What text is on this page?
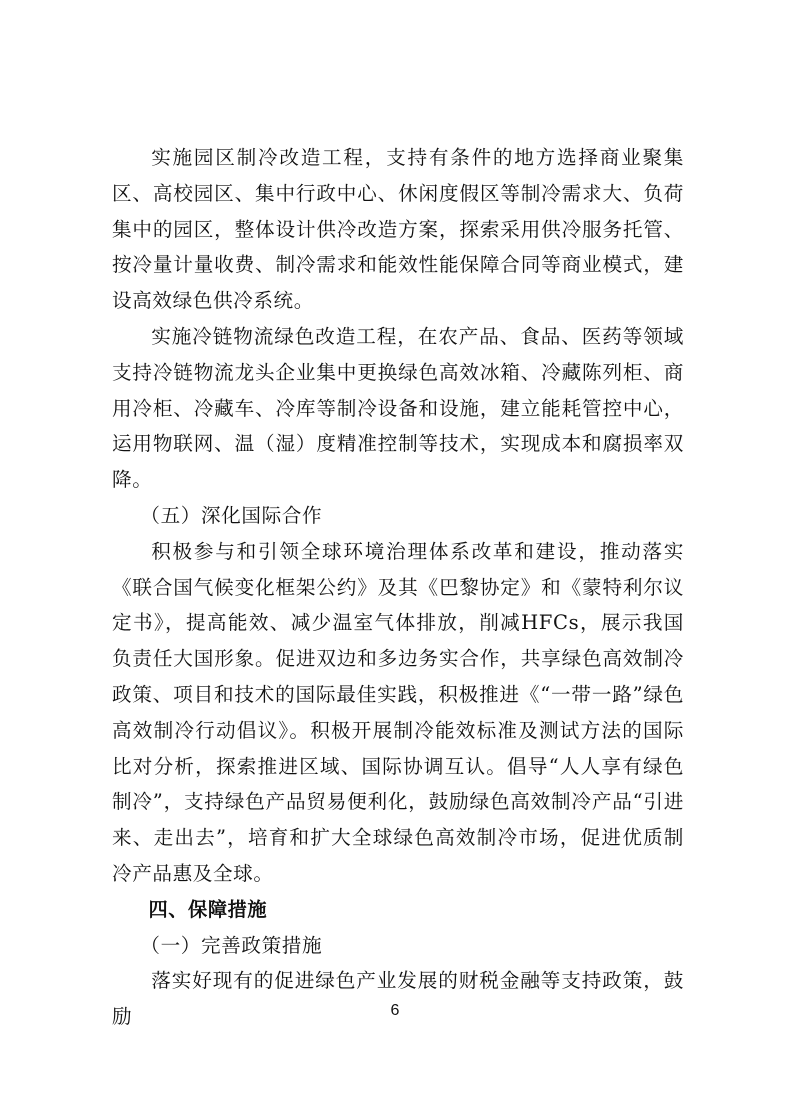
实施园区制冷改造工程，支持有条件的地方选择商业聚集区、高校园区、集中行政中心、休闲度假区等制冷需求大、负荷集中的园区，整体设计供冷改造方案，探索采用供冷服务托管、按冷量计量收费、制冷需求和能效性能保障合同等商业模式，建设高效绿色供冷系统。

实施冷链物流绿色改造工程，在农产品、食品、医药等领域支持冷链物流龙头企业集中更换绿色高效冰箱、冷藏陈列柜、商用冷柜、冷藏车、冷库等制冷设备和设施，建立能耗管控中心，运用物联网、温（湿）度精准控制等技术，实现成本和腐损率双降。

（五）深化国际合作

积极参与和引领全球环境治理体系改革和建设，推动落实《联合国气候变化框架公约》及其《巴黎协定》和《蒙特利尔议定书》，提高能效、减少温室气体排放，削减HFCs，展示我国负责任大国形象。促进双边和多边务实合作，共享绿色高效制冷政策、项目和技术的国际最佳实践，积极推进《“一带一路”绿色高效制冷行动倡议》。积极开展制冷能效标准及测试方法的国际比对分析，探索推进区域、国际协调互认。倡导“人人享有绿色制冷”，支持绿色产品贸易便利化，鼓励绿色高效制冷产品“引进来、走出去”，培育和扩大全球绿色高效制冷市场，促进优质制冷产品惠及全球。

四、保障措施

（一）完善政策措施

落实好现有的促进绿色产业发展的财税金融等支持政策，鼓励	6
